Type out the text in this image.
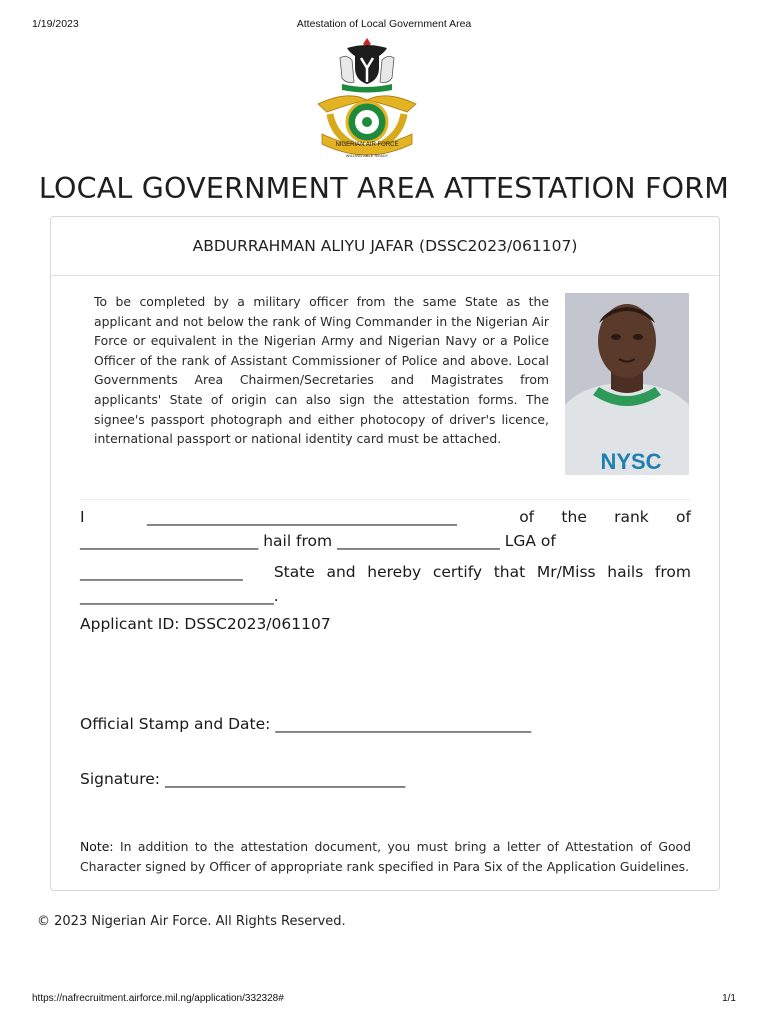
1/19/2023	Attestation of Local Government Area
NIGERIAN AIR FORCE
WILLING ABLE READY
LOCAL GOVERNMENT AREA ATTESTATION FORM
ABDURRAHMAN ALIYU JAFAR (DSSC2023/061107)
To be completed by a military officer from the same State as the applicant and not below the rank of Wing Commander in the Nigerian Air Force or equivalent in the Nigerian Army and Nigerian Navy or a Police Officer of the rank of Assistant Commissioner of Police and above. Local Governments Area Chairmen/Secretaries and Magistrates from applicants' State of origin can also sign the attestation forms. The signee's passport photograph and either photocopy of driver's licence, international passport or national identity card must be attached.
NYSC

I	________________________________________	of the rank of _______________________ hail from _____________________ LGA of

_____________________ State and hereby certify that Mr/Miss hails from _________________________.

Applicant ID: DSSC2023/061107
Official Stamp and Date: _________________________________
Signature: _______________________________
Note: In addition to the attestation document, you must bring a letter of Attestation of Good Character signed by Officer of appropriate rank specified in Para Six of the Application Guidelines.
© 2023 Nigerian Air Force. All Rights Reserved.
https://nafrecruitment.airforce.mil.ng/application/332328#	1/1
